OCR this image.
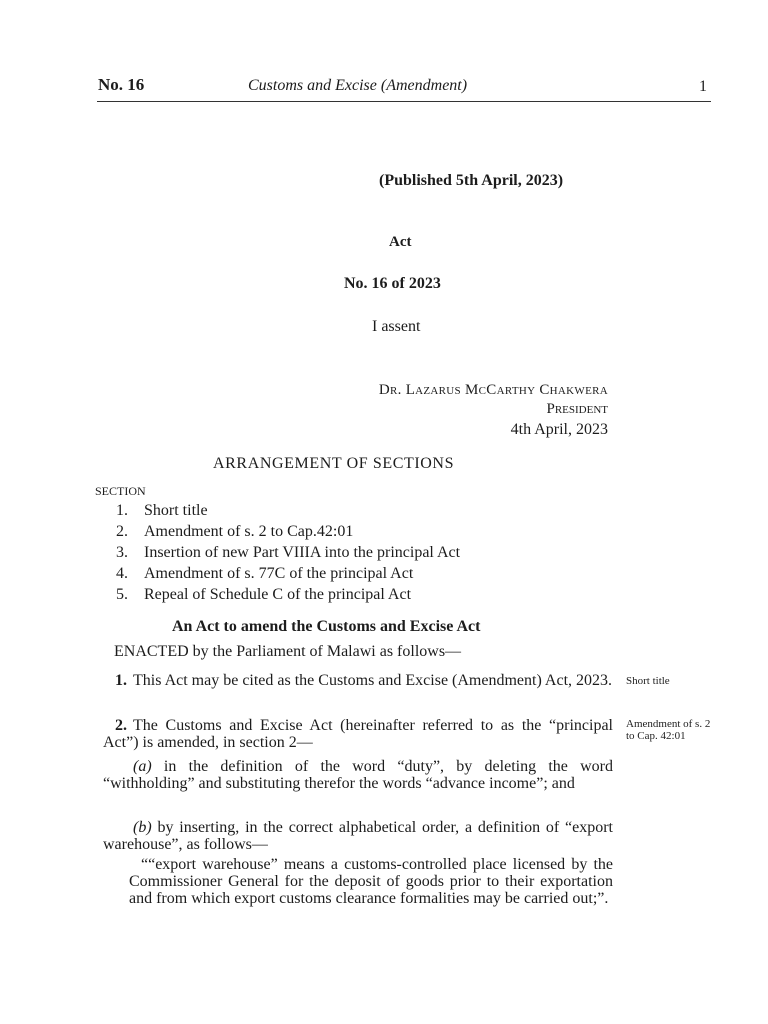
No. 16	Customs and Excise (Amendment)	1
(Published 5th April, 2023)
Act
No. 16 of 2023
I assent
Dr. Lazarus McCarthy Chakwera
President
4th April, 2023
ARRANGEMENT OF SECTIONS
SECTION
1. Short title
2. Amendment of s. 2 to Cap.42:01
3. Insertion of new Part VIIIA into the principal Act
4. Amendment of s. 77C of the principal Act
5. Repeal of Schedule C of the principal Act
An Act to amend the Customs and Excise Act
ENACTED by the Parliament of Malawi as follows—
1. This Act may be cited as the Customs and Excise (Amendment) Act, 2023. Short title
2. The Customs and Excise Act (hereinafter referred to as the “principal Act”) is amended, in section 2—
Amendment of s. 2 to Cap. 42:01
(a) in the definition of the word “duty”, by deleting the word “withholding” and substituting therefor the words “advance income”; and
(b) by inserting, in the correct alphabetical order, a definition of “export warehouse”, as follows—
““export warehouse” means a customs-controlled place licensed by the Commissioner General for the deposit of goods prior to their exportation and from which export customs clearance formalities may be carried out;”.
